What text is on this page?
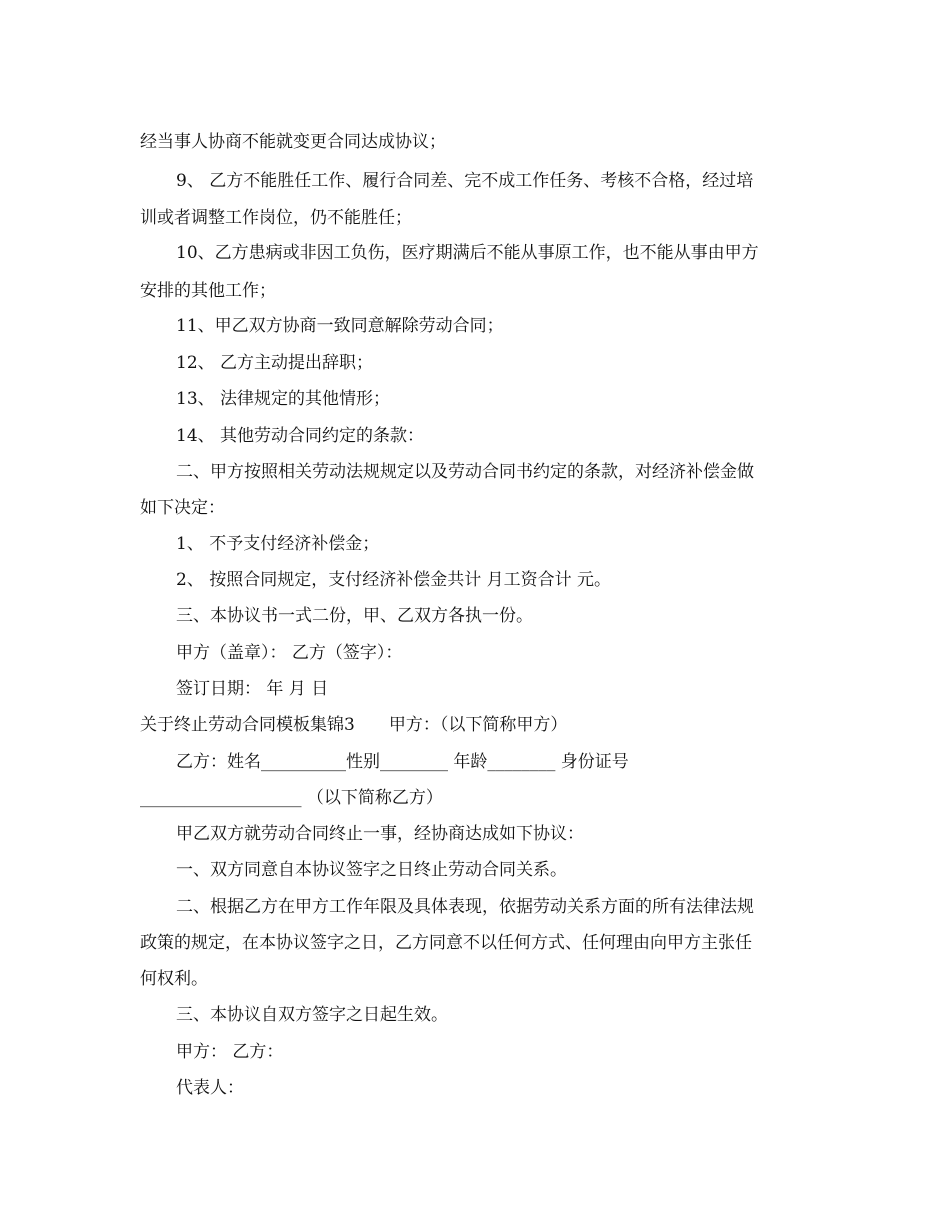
经当事人协商不能就变更合同达成协议；
9、 乙方不能胜任工作、履行合同差、完不成工作任务、考核不合格，经过培
训或者调整工作岗位，仍不能胜任；
10、乙方患病或非因工负伤，医疗期满后不能从事原工作，也不能从事由甲方
安排的其他工作；
11、甲乙双方协商一致同意解除劳动合同；
12、 乙方主动提出辞职；
13、 法律规定的其他情形；
14、 其他劳动合同约定的条款：
二、甲方按照相关劳动法规规定以及劳动合同书约定的条款，对经济补偿金做
如下决定：
1、 不予支付经济补偿金；
2、 按照合同规定，支付经济补偿金共计 月工资合计 元。
三、本协议书一式二份，甲、乙双方各执一份。
甲方（盖章）： 乙方（签字）：
签订日期： 年 月 日
关于终止劳动合同模板集锦3　　甲方：（以下简称甲方）
乙方：姓名__________性别________ 年龄________ 身份证号
___________________ （以下简称乙方）
甲乙双方就劳动合同终止一事，经协商达成如下协议：
一、双方同意自本协议签字之日终止劳动合同关系。
二、根据乙方在甲方工作年限及具体表现，依据劳动关系方面的所有法律法规
政策的规定，在本协议签字之日，乙方同意不以任何方式、任何理由向甲方主张任
何权利。
三、本协议自双方签字之日起生效。
甲方： 乙方：
代表人：
